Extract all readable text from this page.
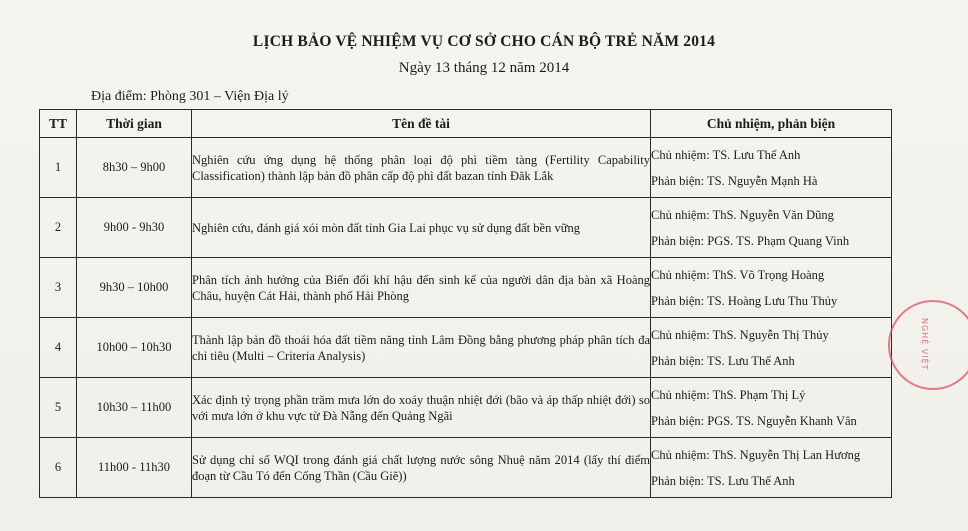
LỊCH BẢO VỆ NHIỆM VỤ CƠ SỞ CHO CÁN BỘ TRẺ NĂM 2014
Ngày 13 tháng 12 năm 2014
Địa điểm: Phòng 301 – Viện Địa lý
TT	Thời gian	Tên đề tài	Chủ nhiệm, phản biện
1	8h30 – 9h00	Nghiên cứu ứng dụng hệ thống phân loại độ phì tiềm tàng (Fertility Capability Classification) thành lập bản đồ phân cấp độ phì đất bazan tỉnh Đăk Lắk	Chủ nhiệm: TS. Lưu Thế Anh
Phản biện: TS. Nguyễn Mạnh Hà

2	9h00 - 9h30	Nghiên cứu, đánh giá xói mòn đất tỉnh Gia Lai phục vụ sử dụng đất bền vững	Chủ nhiệm: ThS. Nguyễn Văn Dũng
Phản biện: PGS. TS. Phạm Quang Vinh

3	9h30 – 10h00	Phân tích ảnh hưởng của Biến đổi khí hậu đến sinh kế của người dân địa bàn xã Hoàng Châu, huyện Cát Hải, thành phố Hải Phòng	Chủ nhiệm: ThS. Võ Trọng Hoàng
Phản biện: TS. Hoàng Lưu Thu Thủy

4	10h00 – 10h30	Thành lập bản đồ thoái hóa đất tiềm năng tỉnh Lâm Đồng bằng phương pháp phân tích đa chỉ tiêu (Multi – Criteria Analysis)	Chủ nhiệm: ThS. Nguyễn Thị Thủy
Phản biện: TS. Lưu Thế Anh

5	10h30 – 11h00	Xác định tỷ trọng phần trăm mưa lớn do xoáy thuận nhiệt đới (bão và áp thấp nhiệt đới) so với mưa lớn ở khu vực từ Đà Nẵng đến Quảng Ngãi	Chủ nhiệm: ThS. Phạm Thị Lý
Phản biện: PGS. TS. Nguyễn Khanh Vân

6	11h00 - 11h30	Sử dụng chỉ số WQI trong đánh giá chất lượng nước sông Nhuệ năm 2014 (lấy thí điểm đoạn từ Cầu Tó đến Cống Thần (Cầu Giẽ))	Chủ nhiệm: ThS. Nguyễn Thị Lan Hương
Phản biện: TS. Lưu Thế Anh
NGHỆ VIỆT
